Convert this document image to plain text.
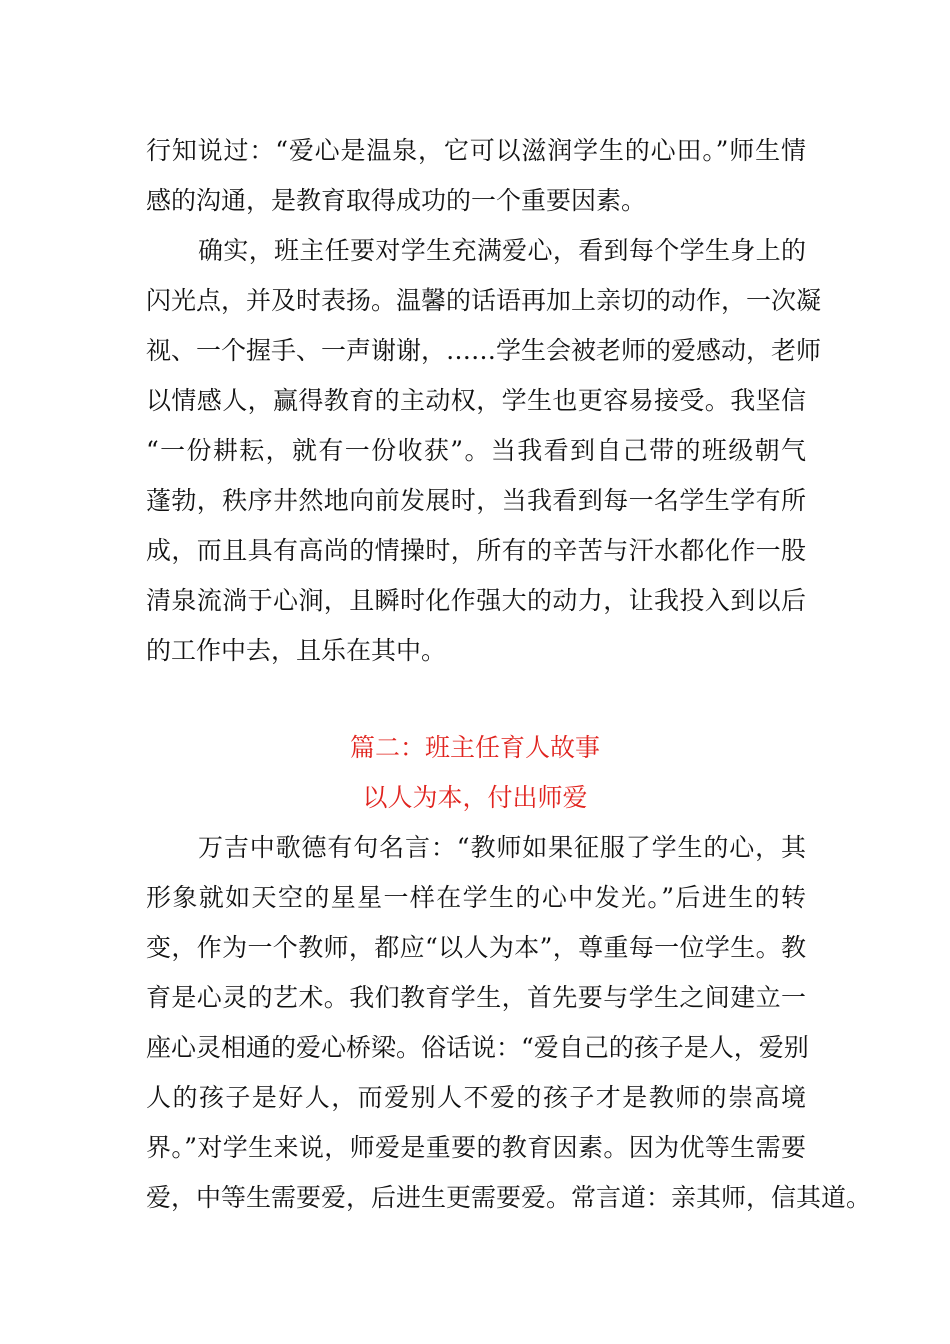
行知说过：“爱心是温泉，它可以滋润学生的心田。”师生情
感的沟通，是教育取得成功的一个重要因素。
确实，班主任要对学生充满爱心，看到每个学生身上的
闪光点，并及时表扬。温馨的话语再加上亲切的动作，一次凝
视、一个握手、一声谢谢，……学生会被老师的爱感动，老师
以情感人，赢得教育的主动权，学生也更容易接受。我坚信
“一份耕耘，就有一份收获”。当我看到自己带的班级朝气
蓬勃，秩序井然地向前发展时，当我看到每一名学生学有所
成，而且具有高尚的情操时，所有的辛苦与汗水都化作一股
清泉流淌于心涧，且瞬时化作强大的动力，让我投入到以后
的工作中去，且乐在其中。
篇二：班主任育人故事
以人为本，付出师爱
万吉中歌德有句名言：“教师如果征服了学生的心，其
形象就如天空的星星一样在学生的心中发光。”后进生的转
变，作为一个教师，都应“以人为本”，尊重每一位学生。教
育是心灵的艺术。我们教育学生，首先要与学生之间建立一
座心灵相通的爱心桥梁。俗话说：“爱自己的孩子是人，爱别
人的孩子是好人，而爱别人不爱的孩子才是教师的崇高境
界。”对学生来说，师爱是重要的教育因素。因为优等生需要
爱，中等生需要爱，后进生更需要爱。常言道：亲其师，信其道。
